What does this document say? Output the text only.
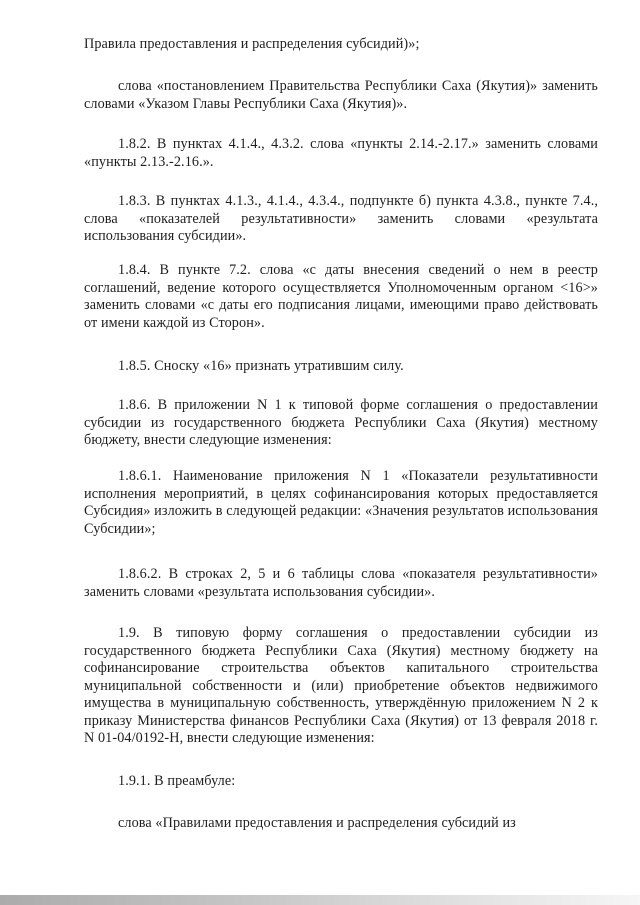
Правила предоставления и распределения субсидий)»;
слова «постановлением Правительства Республики Саха (Якутия)» заменить словами «Указом Главы Республики Саха (Якутия)».
1.8.2. В пунктах 4.1.4., 4.3.2. слова «пункты 2.14.-2.17.» заменить словами «пункты 2.13.-2.16.».
1.8.3. В пунктах 4.1.3., 4.1.4., 4.3.4., подпункте б) пункта 4.3.8., пункте 7.4., слова «показателей результативности» заменить словами «результата использования субсидии».
1.8.4. В пункте 7.2. слова «с даты внесения сведений о нем в реестр соглашений, ведение которого осуществляется Уполномоченным органом <16>» заменить словами «с даты его подписания лицами, имеющими право действовать от имени каждой из Сторон».
1.8.5. Сноску «16» признать утратившим силу.
1.8.6. В приложении N 1 к типовой форме соглашения о предоставлении субсидии из государственного бюджета Республики Саха (Якутия) местному бюджету, внести следующие изменения:
1.8.6.1. Наименование приложения N 1 «Показатели результативности исполнения мероприятий, в целях софинансирования которых предоставляется Субсидия» изложить в следующей редакции: «Значения результатов использования Субсидии»;
1.8.6.2. В строках 2, 5 и 6 таблицы слова «показателя результативности» заменить словами «результата использования субсидии».
1.9. В типовую форму соглашения о предоставлении субсидии из государственного бюджета Республики Саха (Якутия) местному бюджету на софинансирование строительства объектов капитального строительства муниципальной собственности и (или) приобретение объектов недвижимого имущества в муниципальную собственность, утверждённую приложением N 2 к приказу Министерства финансов Республики Саха (Якутия) от 13 февраля 2018 г. N 01-04/0192-Н, внести следующие изменения:
1.9.1. В преамбуле:
слова «Правилами предоставления и распределения субсидий из
